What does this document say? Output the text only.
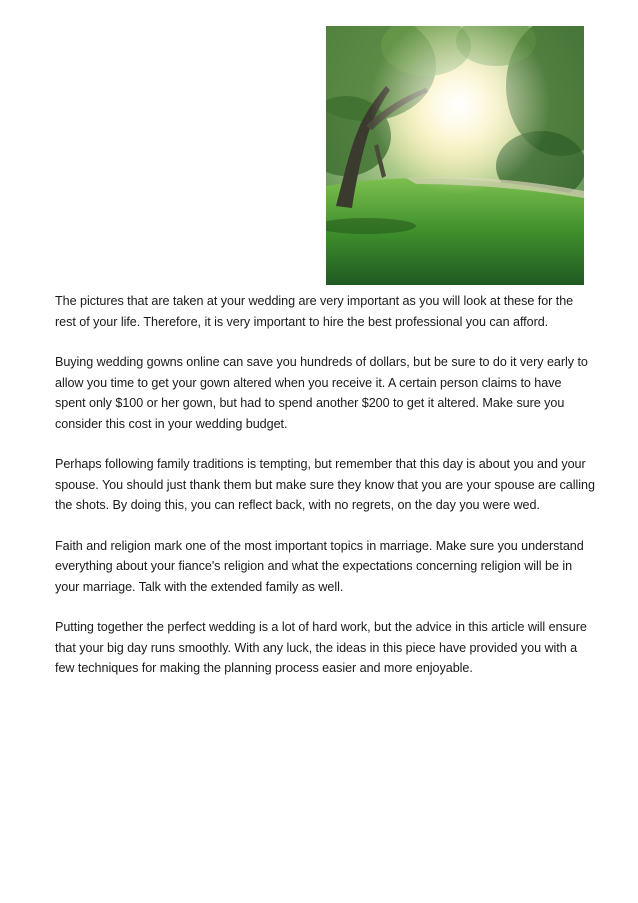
The pictures that are taken at your wedding are very important as you will look at these for the rest of your life. Therefore, it is very important to hire the best professional you can afford.

Buying wedding gowns online can save you hundreds of dollars, but be sure to do it very early to allow you time to get your gown altered when you receive it. A certain person claims to have spent only $100 or her gown, but had to spend another $200 to get it altered. Make sure you consider this cost in your wedding budget.

Perhaps following family traditions is tempting, but remember that this day is about you and your spouse. You should just thank them but make sure they know that you are your spouse are calling the shots. By doing this, you can reflect back, with no regrets, on the day you were wed.

Faith and religion mark one of the most important topics in marriage. Make sure you understand everything about your fiance's religion and what the expectations concerning religion will be in your marriage. Talk with the extended family as well.

Putting together the perfect wedding is a lot of hard work, but the advice in this article will ensure that your big day runs smoothly. With any luck, the ideas in this piece have provided you with a few techniques for making the planning process easier and more enjoyable.
